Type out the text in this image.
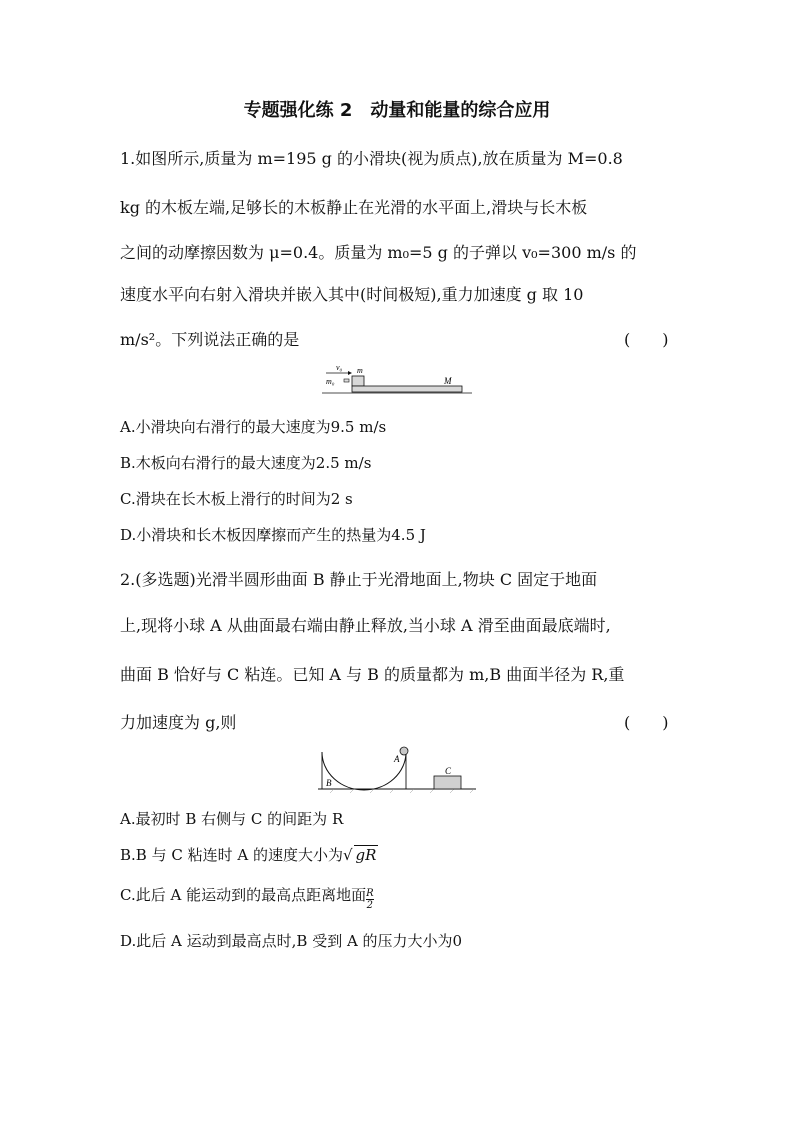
专题强化练 2　动量和能量的综合应用
1.如图所示,质量为 m=195 g 的小滑块(视为质点),放在质量为 M=0.8
kg 的木板左端,足够长的木板静止在光滑的水平面上,滑块与长木板
之间的动摩擦因数为 μ=0.4。质量为 m₀=5 g 的子弹以 v₀=300 m/s 的
速度水平向右射入滑块并嵌入其中(时间极短),重力加速度 g 取 10
m/s²。下列说法正确的是	(　　)
v₀
m₀
m
M
A.小滑块向右滑行的最大速度为9.5 m/s
B.木板向右滑行的最大速度为2.5 m/s
C.滑块在长木板上滑行的时间为2 s
D.小滑块和长木板因摩擦而产生的热量为4.5 J
2.(多选题)光滑半圆形曲面 B 静止于光滑地面上,物块 C 固定于地面
上,现将小球 A 从曲面最右端由静止释放,当小球 A 滑至曲面最底端时,
曲面 B 恰好与 C 粘连。已知 A 与 B 的质量都为 m,B 曲面半径为 R,重
力加速度为 g,则	(　　)
A
B
C
A.最初时 B 右侧与 C 的间距为 R
B.B 与 C 粘连时 A 的速度大小为√ gR
C.此后 A 能运动到的最高点距离地面 $\frac{R}{2}$
D.此后 A 运动到最高点时,B 受到 A 的压力大小为0
